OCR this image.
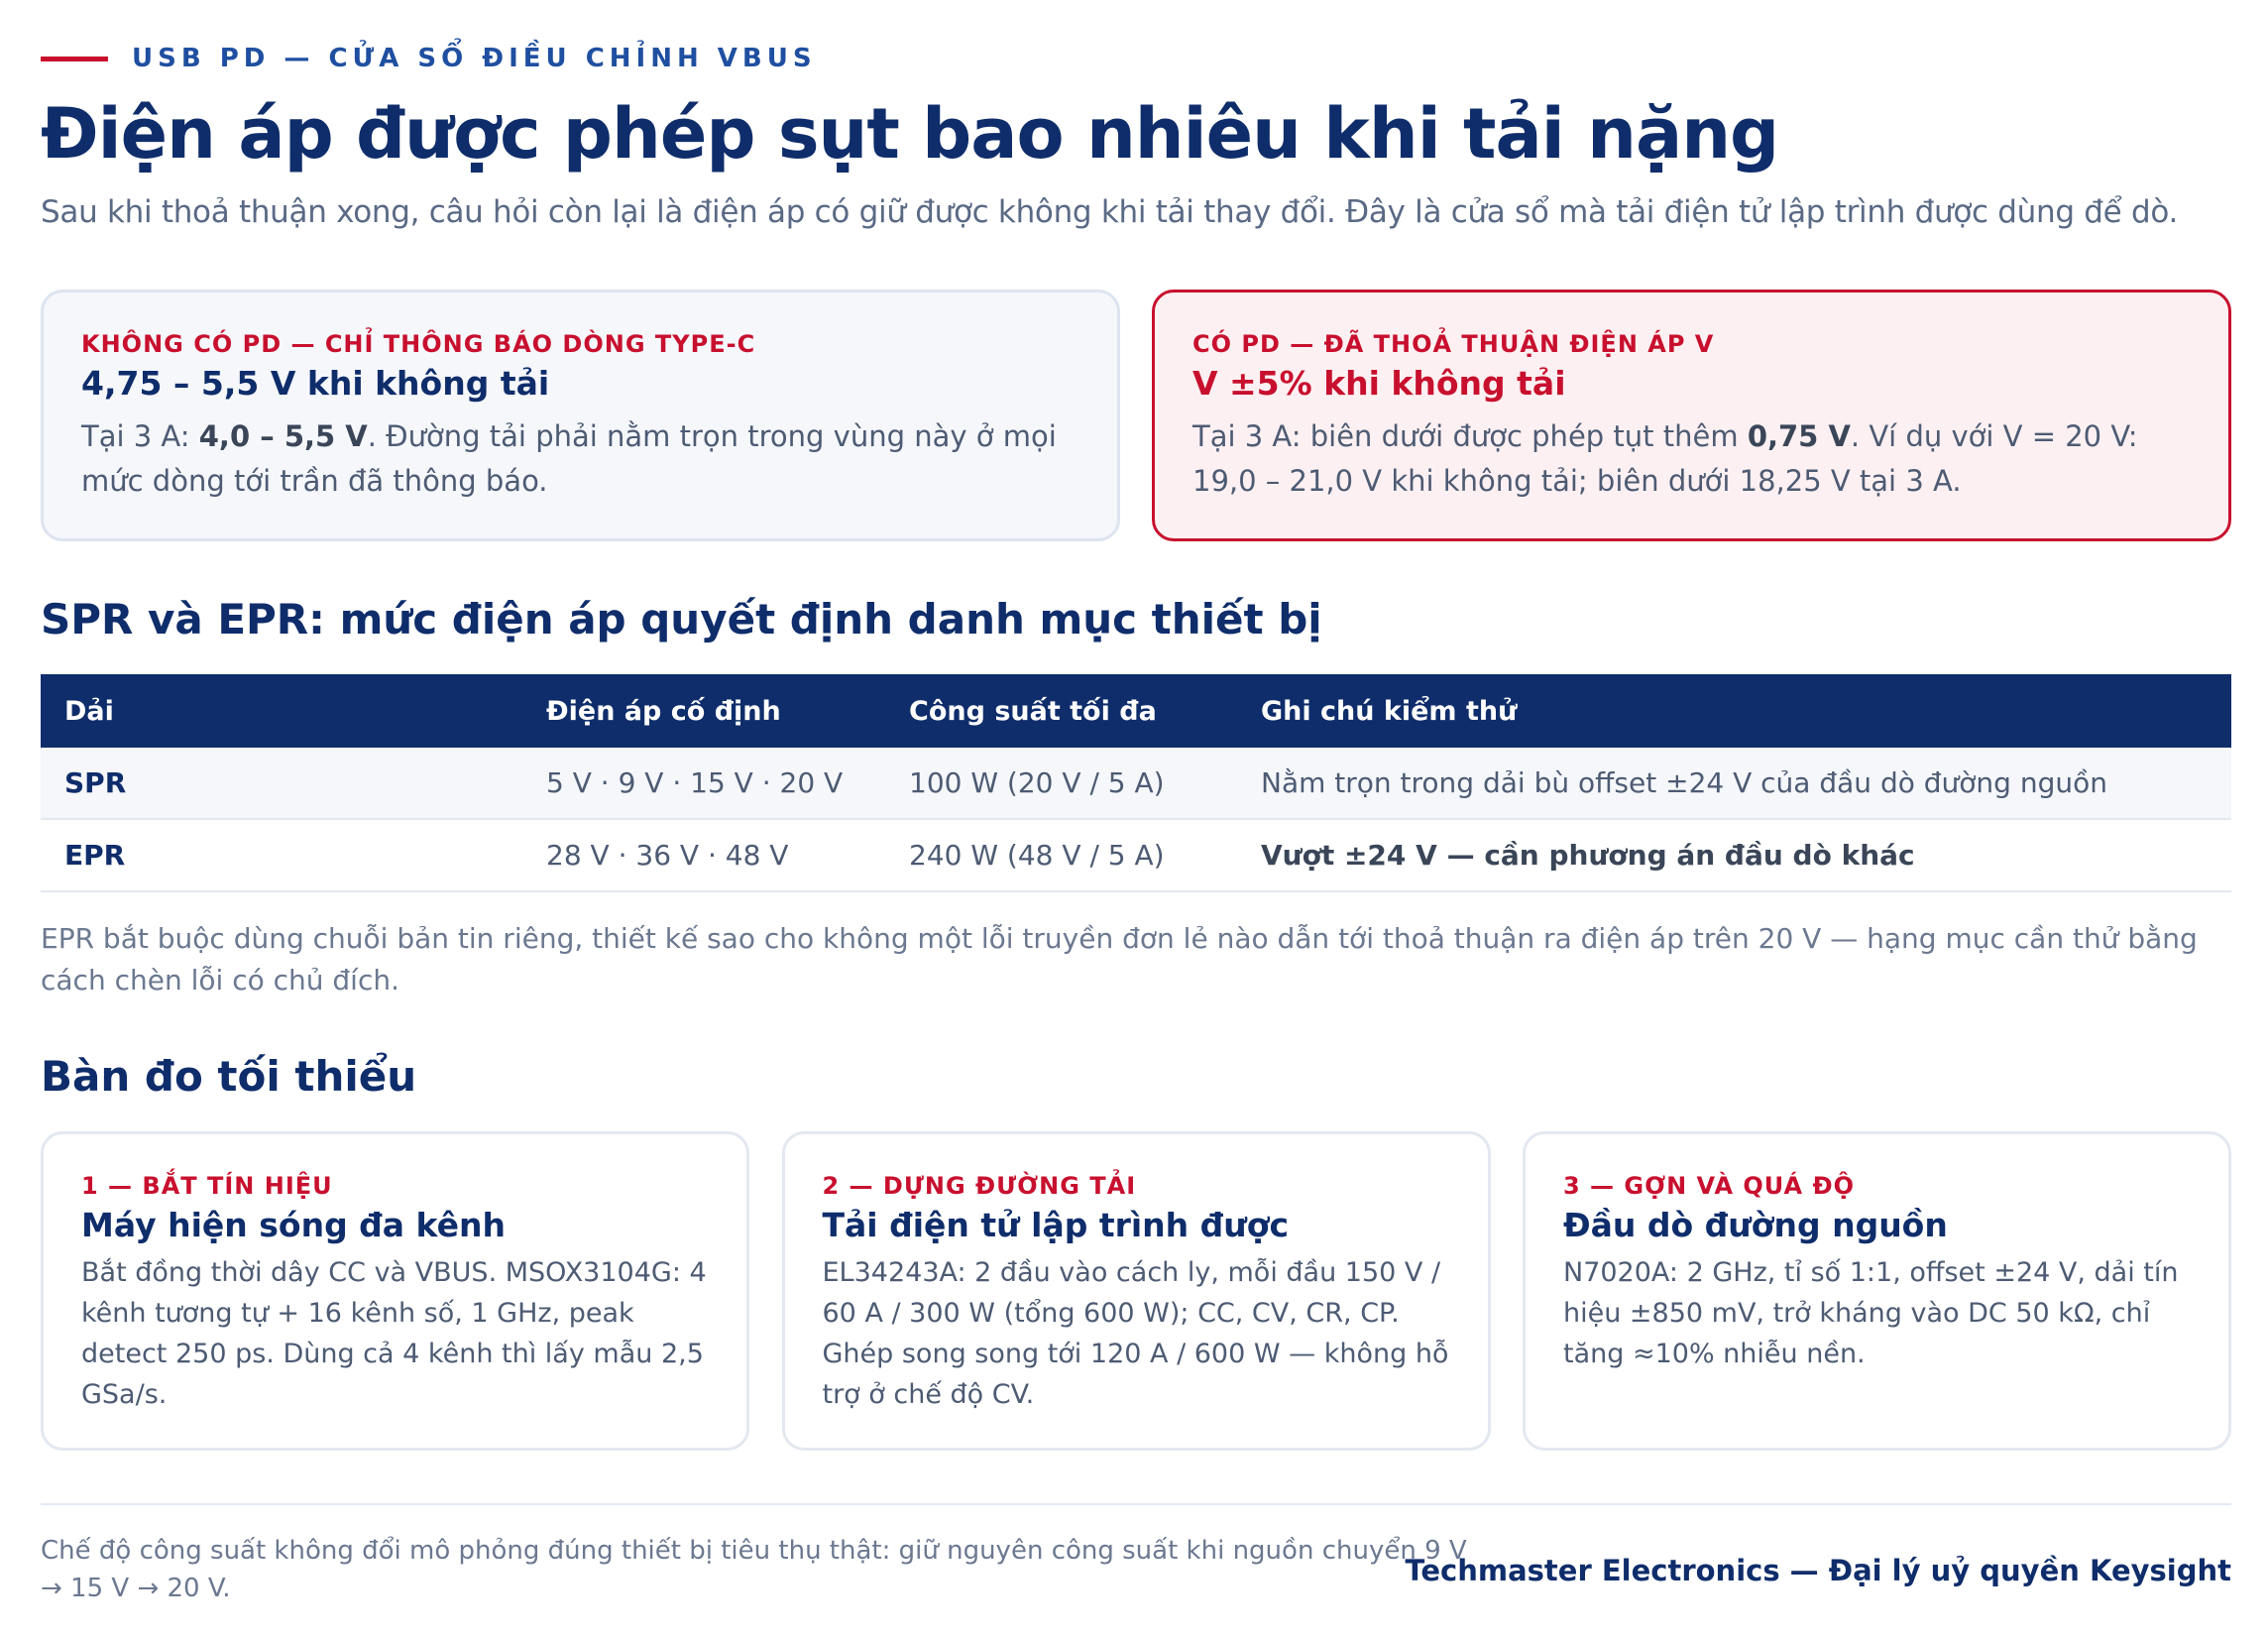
USB PD — CỬA SỔ ĐIỀU CHỈNH VBUS
Điện áp được phép sụt bao nhiêu khi tải nặng

Sau khi thoả thuận xong, câu hỏi còn lại là điện áp có giữ được không khi tải thay đổi. Đây là cửa sổ mà tải điện tử lập trình được dùng để dò.

KHÔNG CÓ PD — CHỈ THÔNG BÁO DÒNG TYPE-C
4,75 – 5,5 V khi không tải
Tại 3 A: 4,0 – 5,5 V. Đường tải phải nằm trọn trong vùng này ở mọi mức dòng tới trần đã thông báo.
CÓ PD — ĐÃ THOẢ THUẬN ĐIỆN ÁP V
V ±5% khi không tải
Tại 3 A: biên dưới được phép tụt thêm 0,75 V. Ví dụ với V = 20 V: 19,0 – 21,0 V khi không tải; biên dưới 18,25 V tại 3 A.
SPR và EPR: mức điện áp quyết định danh mục thiết bị
Dải	Điện áp cố định	Công suất tối đa	Ghi chú kiểm thử
SPR	5 V · 9 V · 15 V · 20 V	100 W (20 V / 5 A)	Nằm trọn trong dải bù offset ±24 V của đầu dò đường nguồn
EPR	28 V · 36 V · 48 V	240 W (48 V / 5 A)	Vượt ±24 V — cần phương án đầu dò khác

EPR bắt buộc dùng chuỗi bản tin riêng, thiết kế sao cho không một lỗi truyền đơn lẻ nào dẫn tới thoả thuận ra điện áp trên 20 V — hạng mục cần thử bằng cách chèn lỗi có chủ đích.

Bàn đo tối thiểu
1 — BẮT TÍN HIỆU
Máy hiện sóng đa kênh
Bắt đồng thời dây CC và VBUS. MSOX3104G: 4 kênh tương tự + 16 kênh số, 1 GHz, peak detect 250 ps. Dùng cả 4 kênh thì lấy mẫu 2,5 GSa/s.
2 — DỰNG ĐƯỜNG TẢI
Tải điện tử lập trình được
EL34243A: 2 đầu vào cách ly, mỗi đầu 150 V / 60 A / 300 W (tổng 600 W); CC, CV, CR, CP. Ghép song song tới 120 A / 600 W — không hỗ trợ ở chế độ CV.
3 — GỢN VÀ QUÁ ĐỘ
Đầu dò đường nguồn
N7020A: 2 GHz, tỉ số 1:1, offset ±24 V, dải tín hiệu ±850 mV, trở kháng vào DC 50 kΩ, chỉ tăng ≈10% nhiễu nền.

Chế độ công suất không đổi mô phỏng đúng thiết bị tiêu thụ thật: giữ nguyên công suất khi nguồn chuyển 9 V → 15 V → 20 V.

Techmaster Electronics — Đại lý uỷ quyền Keysight
